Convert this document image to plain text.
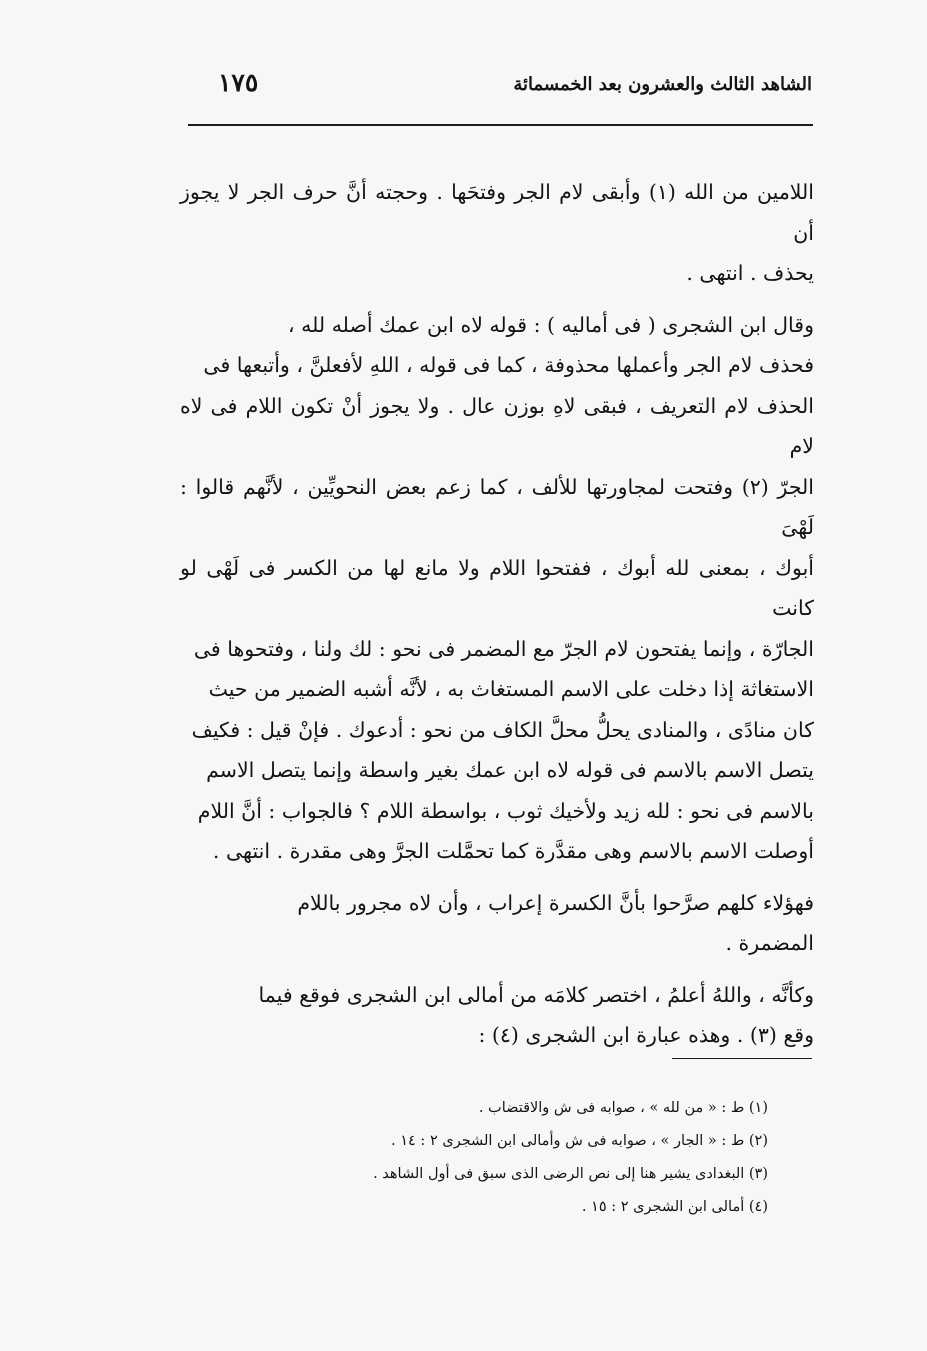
الشاهد الثالث والعشرون بعد الخمسمائة
١٧٥

اللامين من الله (١) وأبقى لام الجر وفتحَها . وحجته أنَّ حرف الجر لا يجوز أن
يحذف . انتهى .

وقال ابن الشجرى ( فى أماليه ) : قوله لاه ابن عمك أصله لله ،
فحذف لام الجر وأعملها محذوفة ، كما فى قوله ، اللهِ لأفعلنَّ ، وأتبعها فى
الحذف لام التعريف ، فبقى لاهِ بوزن عال . ولا يجوز أنْ تكون اللام فى لاه لام
الجرّ (٢) وفتحت لمجاورتها للألف ، كما زعم بعض النحويِّين ، لأنَّهم قالوا : لَهْىَ
أبوك ، بمعنى لله أبوك ، ففتحوا اللام ولا مانع لها من الكسر فى لَهْى لو كانت
الجارّة ، وإنما يفتحون لام الجرّ مع المضمر فى نحو : لك ولنا ، وفتحوها فى
الاستغاثة إذا دخلت على الاسم المستغاث به ، لأنَّه أشبه الضمير من حيث
كان منادًى ، والمنادى يحلُّ محلَّ الكاف من نحو : أدعوك . فإنْ قيل : فكيف
يتصل الاسم بالاسم فى قوله لاه ابن عمك بغير واسطة وإنما يتصل الاسم
بالاسم فى نحو : لله زيد ولأخيك ثوب ، بواسطة اللام ؟ فالجواب : أنَّ اللام
أوصلت الاسم بالاسم وهى مقدَّرة كما تحمَّلت الجرَّ وهى مقدرة . انتهى .

فهؤلاء كلهم صرَّحوا بأنَّ الكسرة إعراب ، وأن لاه مجرور باللام
المضمرة .

وكأنَّه ، واللهُ أعلمُ ، اختصر كلامَه من أمالى ابن الشجرى فوقع فيما
وقع (٣) . وهذه عبارة ابن الشجرى (٤) :

(١) ط : « من لله » ، صوابه فى ش والاقتضاب .
(٢) ط : « الجار » ، صوابه فى ش وأمالى ابن الشجرى ٢ : ١٤ .
(٣) البغدادى يشير هنا إلى نص الرضى الذى سبق فى أول الشاهد .
(٤) أمالى ابن الشجرى ٢ : ١٥ .
